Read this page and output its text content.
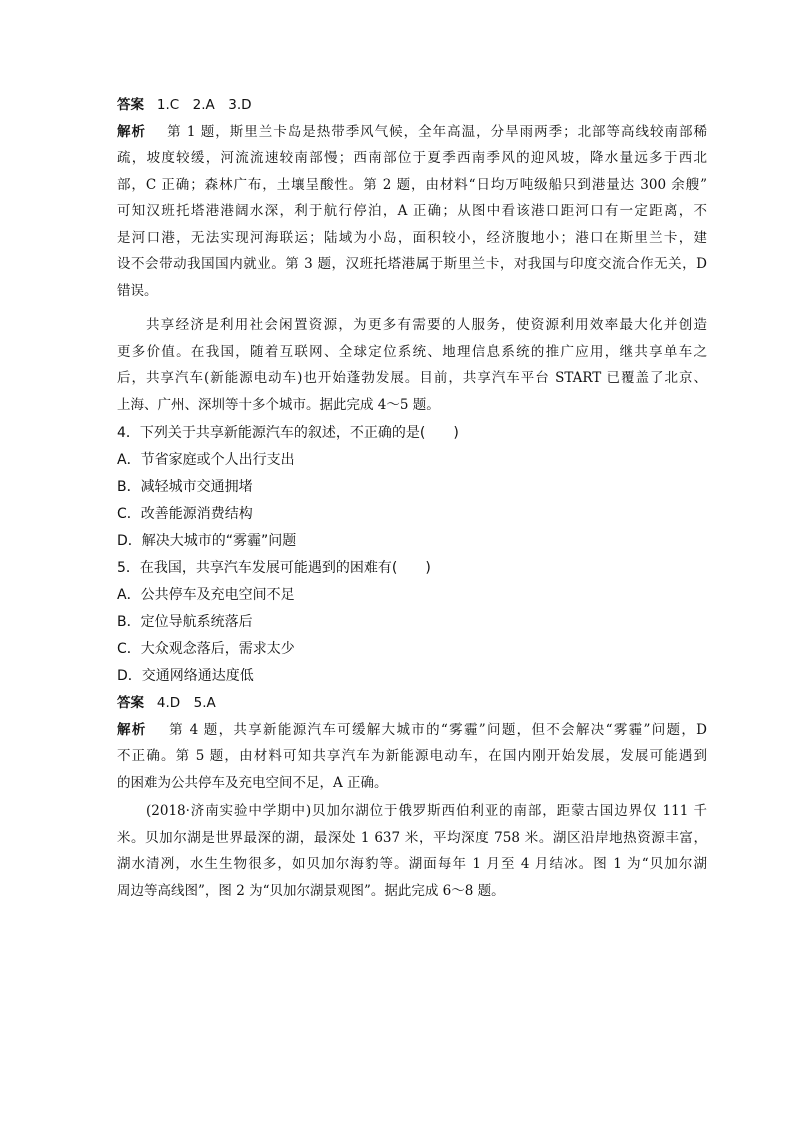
答案 1.C　2.A　3.D
解析 第 1 题，斯里兰卡岛是热带季风气候，全年高温，分旱雨两季；北部等高线较南部稀
疏，坡度较缓，河流流速较南部慢；西南部位于夏季西南季风的迎风坡，降水量远多于西北
部，C 正确；森林广布，土壤呈酸性。第 2 题，由材料“日均万吨级船只到港量达 300 余艘”
可知汉班托塔港港阔水深，利于航行停泊，A 正确；从图中看该港口距河口有一定距离，不
是河口港，无法实现河海联运；陆域为小岛，面积较小，经济腹地小；港口在斯里兰卡，建
设不会带动我国国内就业。第 3 题，汉班托塔港属于斯里兰卡，对我国与印度交流合作无关，D
错误。
共享经济是利用社会闲置资源，为更多有需要的人服务，使资源利用效率最大化并创造
更多价值。在我国，随着互联网、全球定位系统、地理信息系统的推广应用，继共享单车之
后，共享汽车(新能源电动车)也开始蓬勃发展。目前，共享汽车平台 START 已覆盖了北京、
上海、广州、深圳等十多个城市。据此完成 4～5 题。
4．下列关于共享新能源汽车的叙述，不正确的是(　　)
A．节省家庭或个人出行支出
B．减轻城市交通拥堵
C．改善能源消费结构
D．解决大城市的“雾霾”问题
5．在我国，共享汽车发展可能遇到的困难有(　　)
A．公共停车及充电空间不足
B．定位导航系统落后
C．大众观念落后，需求太少
D．交通网络通达度低
答案 4.D　5.A
解析 第 4 题，共享新能源汽车可缓解大城市的“雾霾”问题，但不会解决“雾霾”问题，D
不正确。第 5 题，由材料可知共享汽车为新能源电动车，在国内刚开始发展，发展可能遇到
的困难为公共停车及充电空间不足，A 正确。
(2018·济南实验中学期中)贝加尔湖位于俄罗斯西伯利亚的南部，距蒙古国边界仅 111 千
米。贝加尔湖是世界最深的湖，最深处 1 637 米，平均深度 758 米。湖区沿岸地热资源丰富，
湖水清冽，水生生物很多，如贝加尔海豹等。湖面每年 1 月至 4 月结冰。图 1 为“贝加尔湖
周边等高线图”，图 2 为“贝加尔湖景观图”。据此完成 6～8 题。
